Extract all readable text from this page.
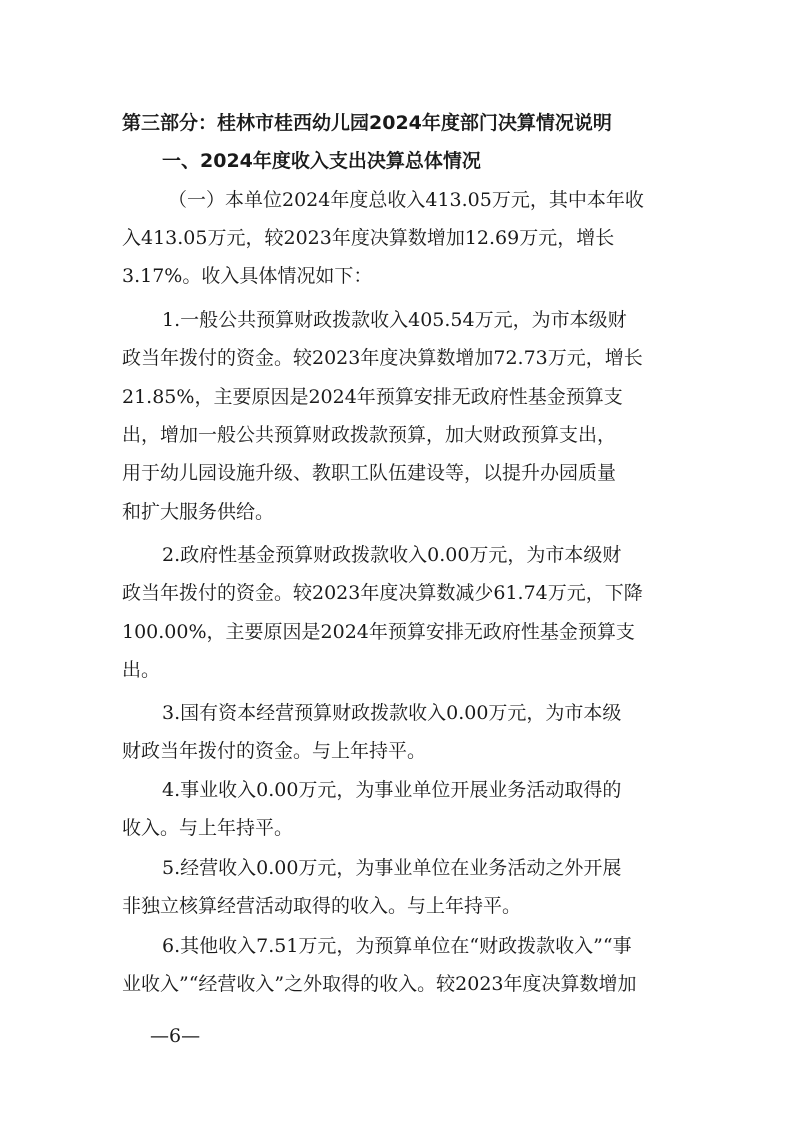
第三部分：桂林市桂西幼儿园2024年度部门决算情况说明
一、2024年度收入支出决算总体情况
（一）本单位2024年度总收入413.05万元，其中本年收
入413.05万元，较2023年度决算数增加12.69万元，增长
3.17%。收入具体情况如下：
1.一般公共预算财政拨款收入405.54万元，为市本级财
政当年拨付的资金。较2023年度决算数增加72.73万元，增长
21.85%，主要原因是2024年预算安排无政府性基金预算支
出，增加一般公共预算财政拨款预算，加大财政预算支出，
用于幼儿园设施升级、教职工队伍建设等，以提升办园质量
和扩大服务供给。
2.政府性基金预算财政拨款收入0.00万元，为市本级财
政当年拨付的资金。较2023年度决算数减少61.74万元，下降
100.00%，主要原因是2024年预算安排无政府性基金预算支
出。
3.国有资本经营预算财政拨款收入0.00万元，为市本级
财政当年拨付的资金。与上年持平。
4.事业收入0.00万元，为事业单位开展业务活动取得的
收入。与上年持平。
5.经营收入0.00万元，为事业单位在业务活动之外开展
非独立核算经营活动取得的收入。与上年持平。
6.其他收入7.51万元，为预算单位在“财政拨款收入”“事
业收入”“经营收入”之外取得的收入。较2023年度决算数增加
—6—
